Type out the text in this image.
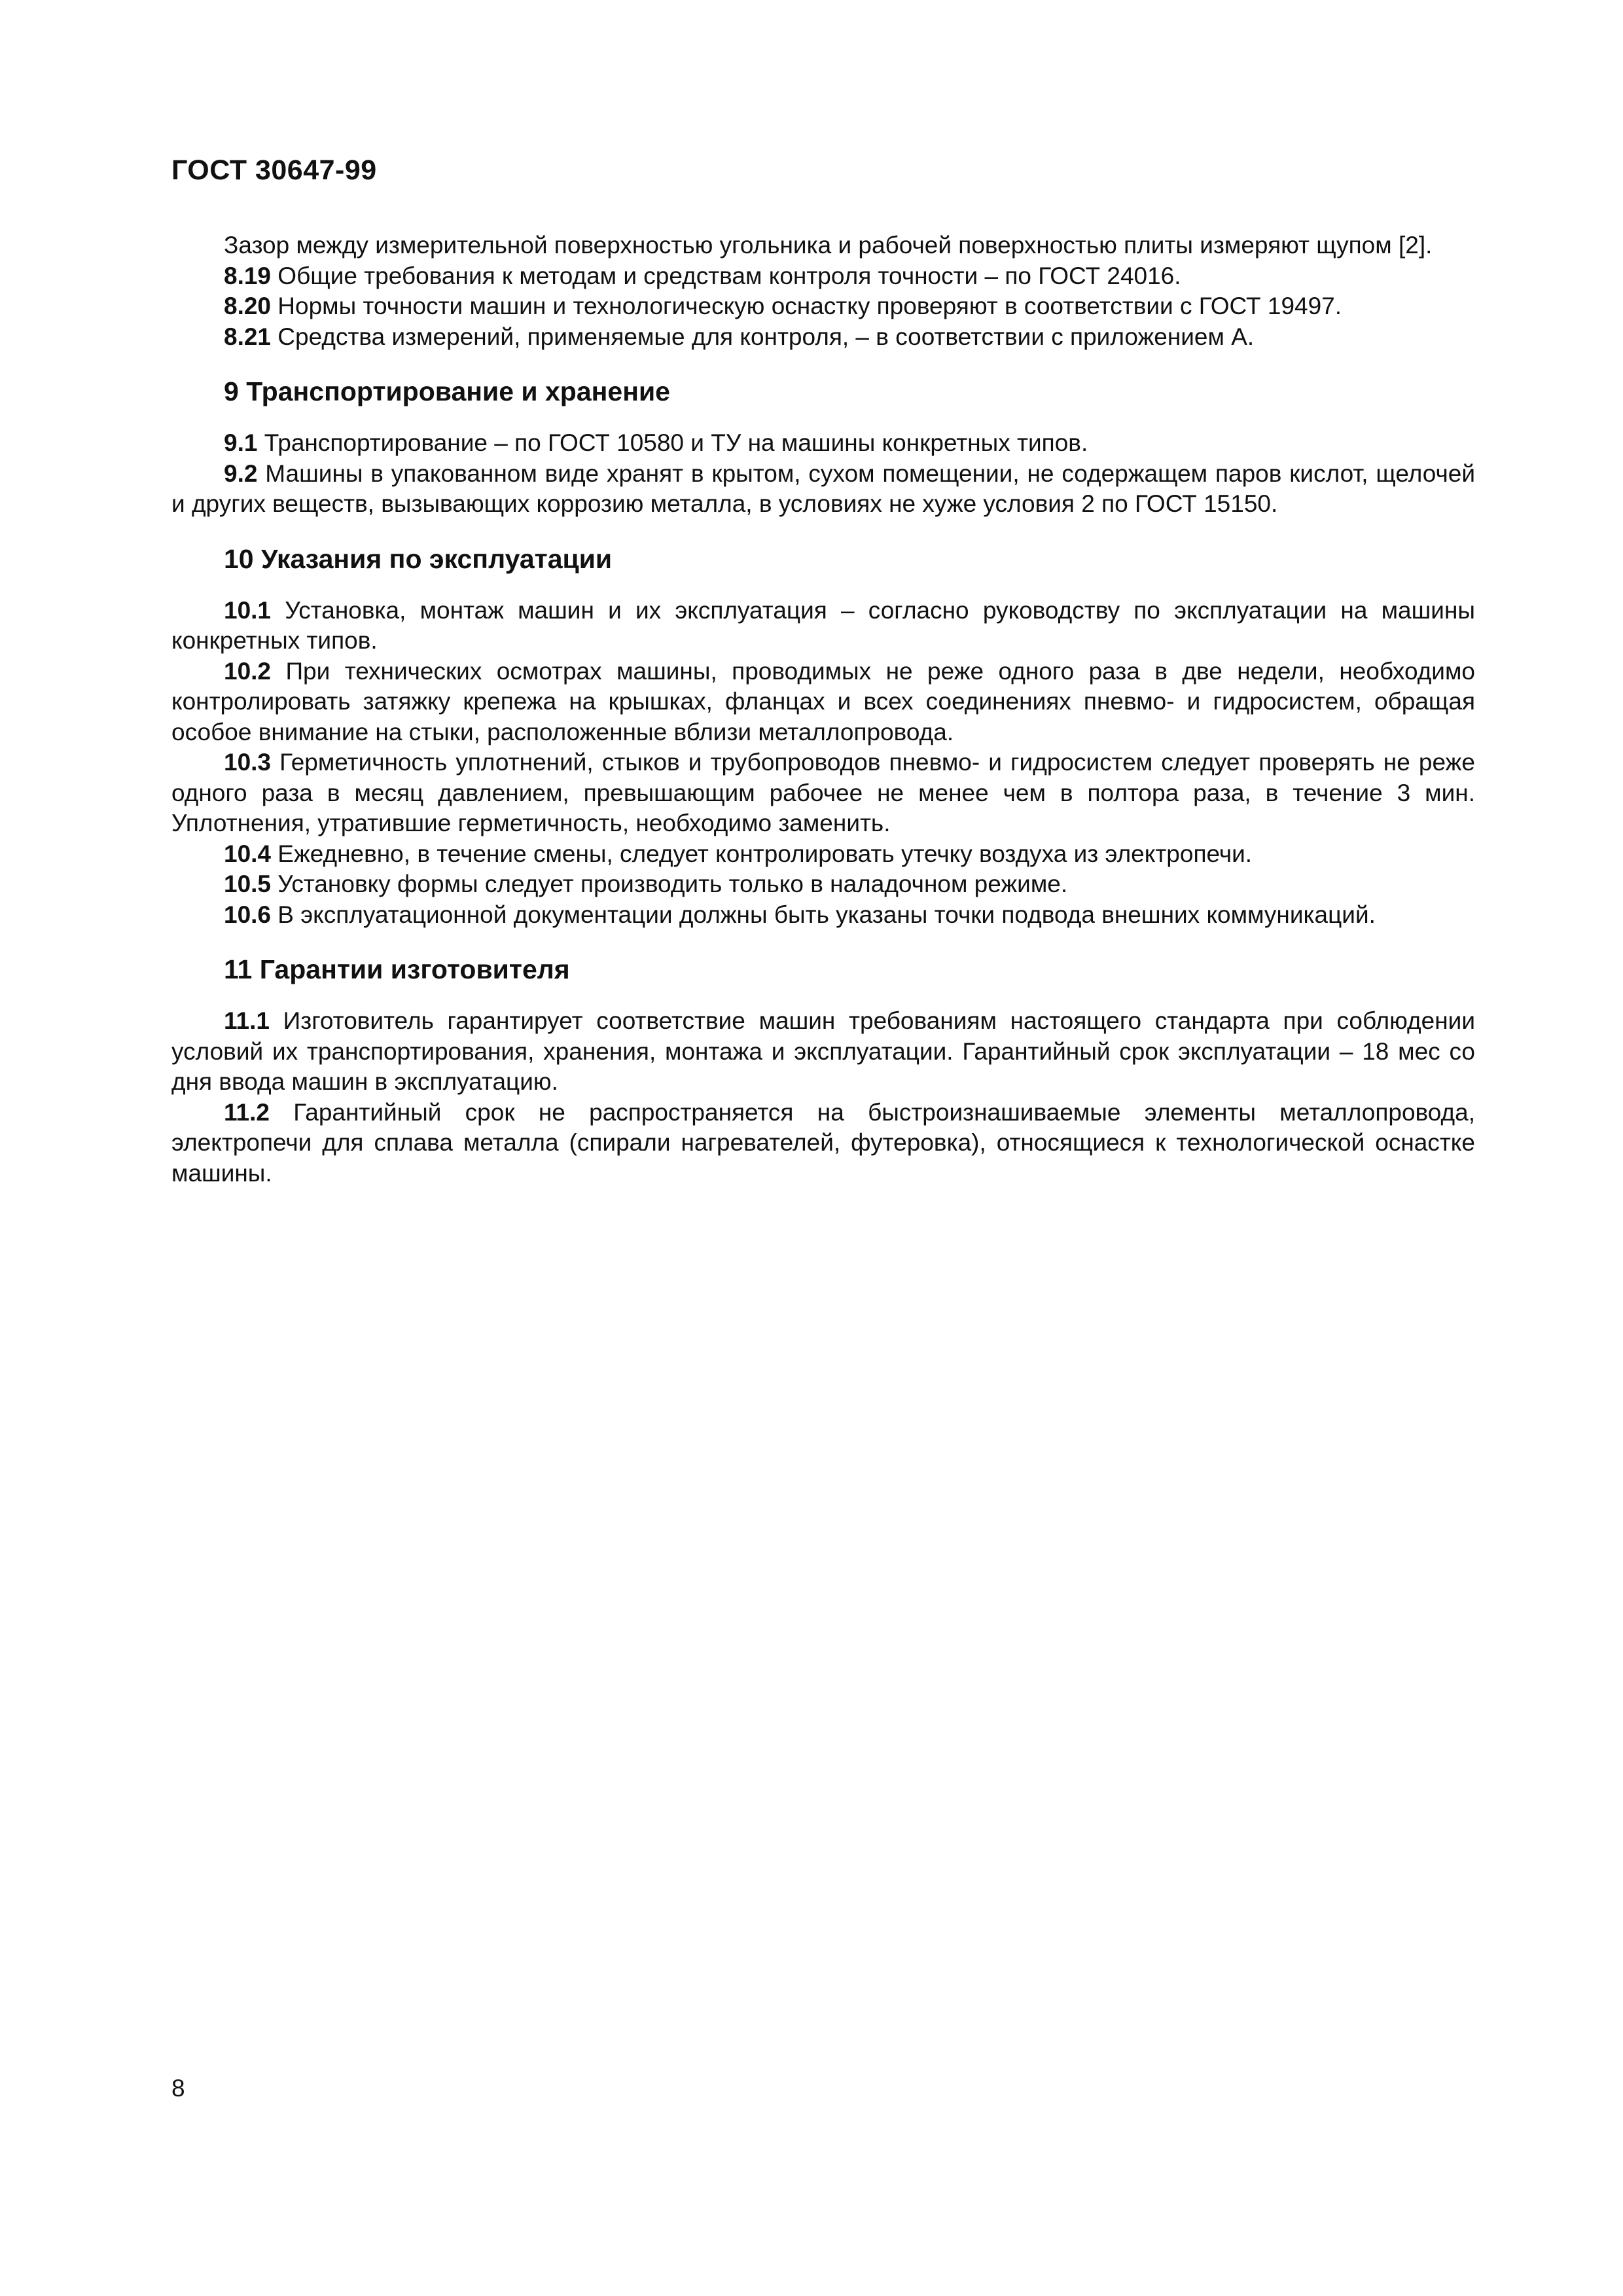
ГОСТ 30647-99

Зазор между измерительной поверхностью угольника и рабочей поверхностью плиты измеряют щупом [2].

8.19 Общие требования к методам и средствам контроля точности – по ГОСТ 24016.

8.20 Нормы точности машин и технологическую оснастку проверяют в соответствии с ГОСТ 19497.

8.21 Средства измерений, применяемые для контроля, – в соответствии с приложением А.

9 Транспортирование и хранение

9.1 Транспортирование – по ГОСТ 10580 и ТУ на машины конкретных типов.

9.2 Машины в упакованном виде хранят в крытом, сухом помещении, не содержащем паров кислот, щелочей и других веществ, вызывающих коррозию металла, в условиях не хуже условия 2 по ГОСТ 15150.

10 Указания по эксплуатации

10.1 Установка, монтаж машин и их эксплуатация – согласно руководству по эксплуатации на машины конкретных типов.

10.2 При технических осмотрах машины, проводимых не реже одного раза в две недели, необходимо контролировать затяжку крепежа на крышках, фланцах и всех соединениях пневмо- и гидросистем, обращая особое внимание на стыки, расположенные вблизи металлопровода.

10.3 Герметичность уплотнений, стыков и трубопроводов пневмо- и гидросистем следует проверять не реже одного раза в месяц давлением, превышающим рабочее не менее чем в полтора раза, в течение 3 мин. Уплотнения, утратившие герметичность, необходимо заменить.

10.4 Ежедневно, в течение смены, следует контролировать утечку воздуха из электропечи.

10.5 Установку формы следует производить только в наладочном режиме.

10.6 В эксплуатационной документации должны быть указаны точки подвода внешних коммуникаций.

11 Гарантии изготовителя

11.1 Изготовитель гарантирует соответствие машин требованиям настоящего стандарта при соблюдении условий их транспортирования, хранения, монтажа и эксплуатации. Гарантийный срок эксплуатации – 18 мес со дня ввода машин в эксплуатацию.

11.2 Гарантийный срок не распространяется на быстроизнашиваемые элементы металлопровода, электропечи для сплава металла (спирали нагревателей, футеровка), относящиеся к технологической оснастке машины.

8
